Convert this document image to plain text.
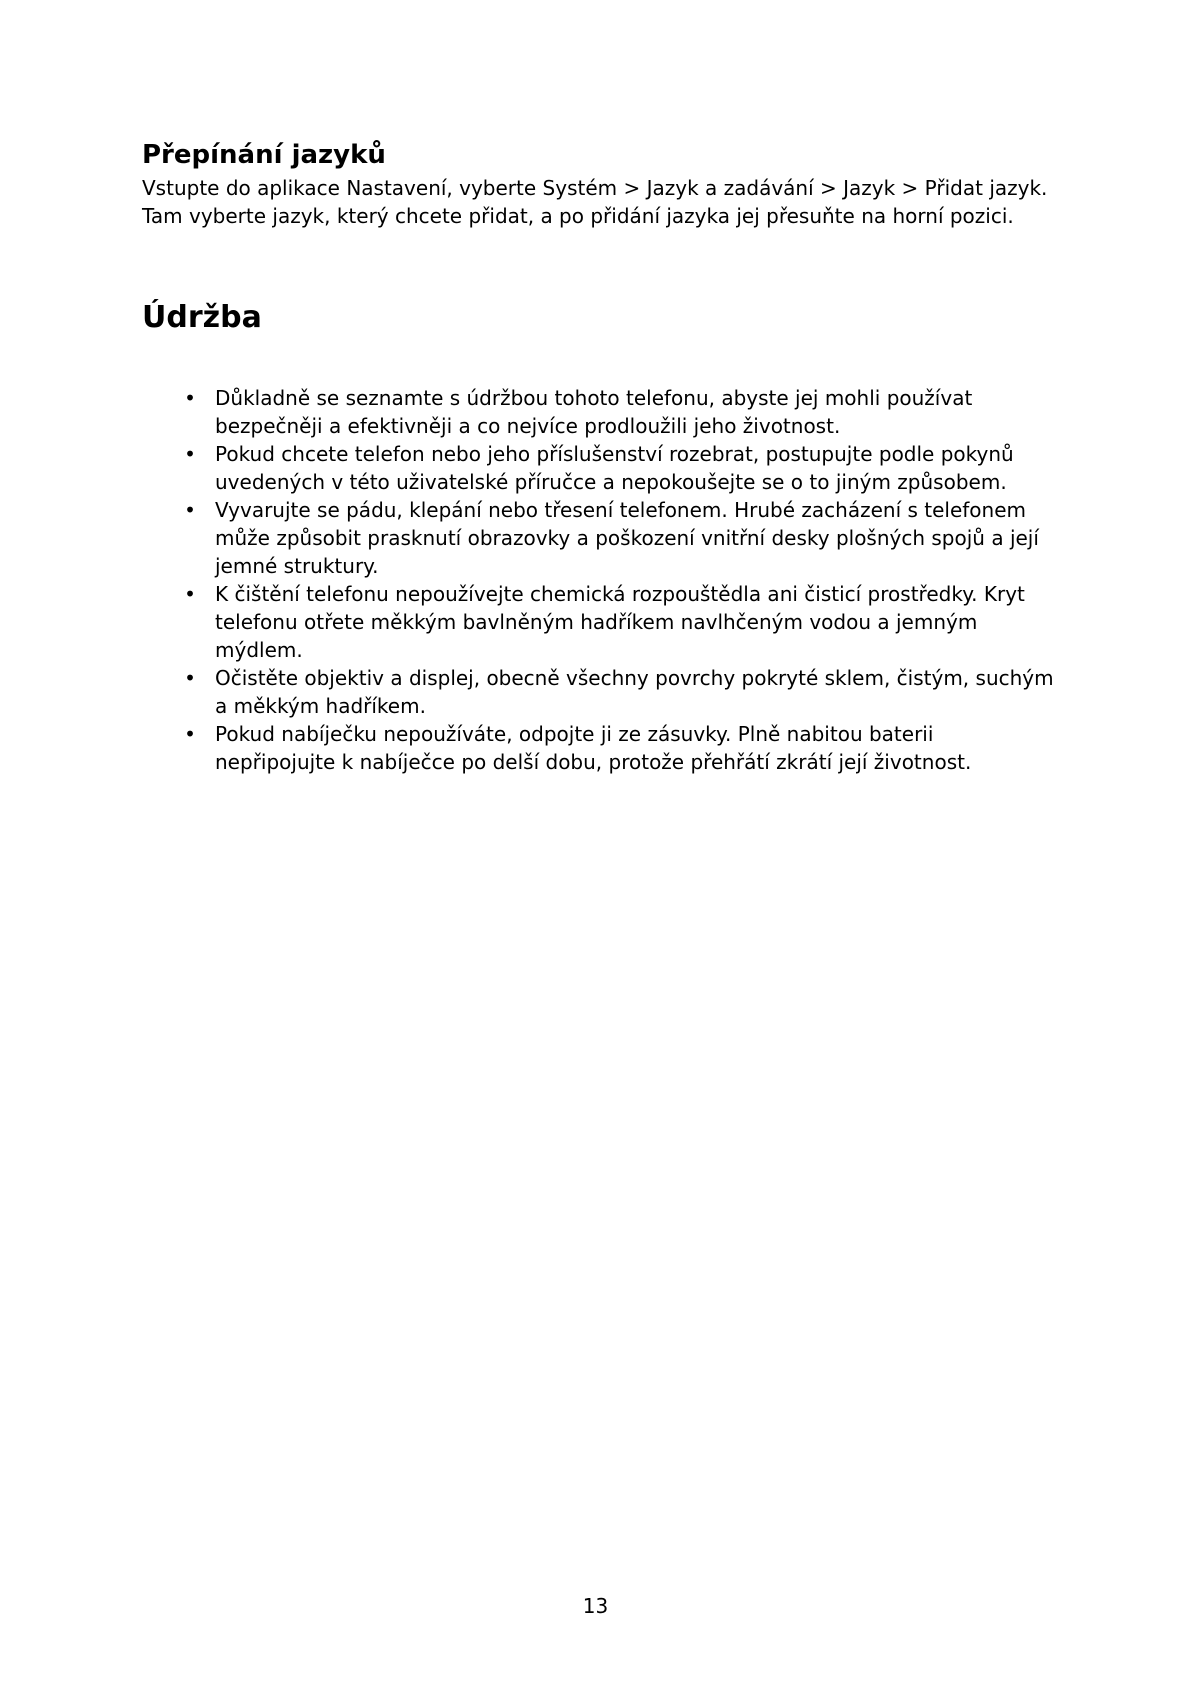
Přepínání jazyků

Vstupte do aplikace Nastavení, vyberte Systém > Jazyk a zadávání > Jazyk > Přidat jazyk.
Tam vyberte jazyk, který chcete přidat, a po přidání jazyka jej přesuňte na horní pozici.

Údržba
• Důkladně se seznamte s údržbou tohoto telefonu, abyste jej mohli používat
bezpečněji a efektivněji a co nejvíce prodloužili jeho životnost.
• Pokud chcete telefon nebo jeho příslušenství rozebrat, postupujte podle pokynů
uvedených v této uživatelské příručce a nepokoušejte se o to jiným způsobem.
• Vyvarujte se pádu, klepání nebo třesení telefonem. Hrubé zacházení s telefonem
může způsobit prasknutí obrazovky a poškození vnitřní desky plošných spojů a její
jemné struktury.
• K čištění telefonu nepoužívejte chemická rozpouštědla ani čisticí prostředky. Kryt
telefonu otřete měkkým bavlněným hadříkem navlhčeným vodou a jemným
mýdlem.
• Očistěte objektiv a displej, obecně všechny povrchy pokryté sklem, čistým, suchým
a měkkým hadříkem.
• Pokud nabíječku nepoužíváte, odpojte ji ze zásuvky. Plně nabitou baterii
nepřipojujte k nabíječce po delší dobu, protože přehřátí zkrátí její životnost.
13
